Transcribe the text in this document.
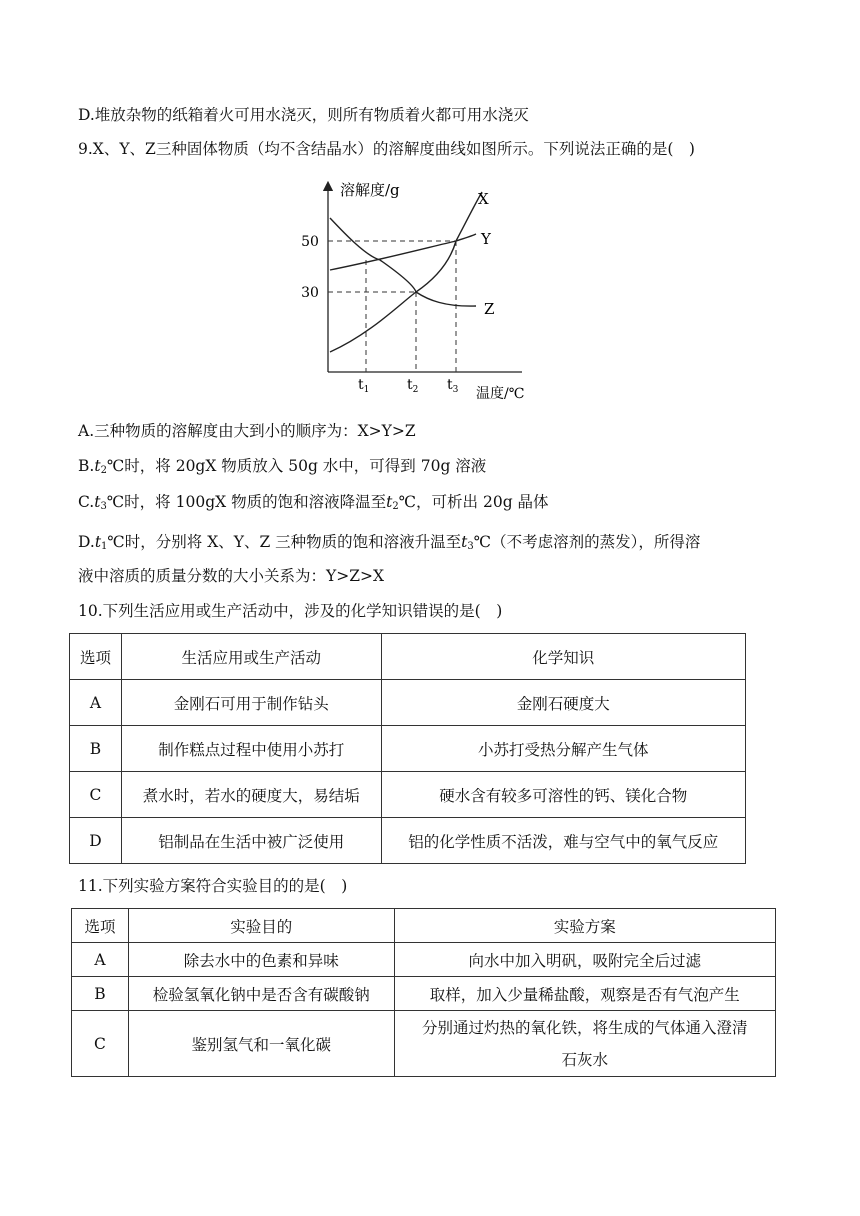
D.堆放杂物的纸箱着火可用水浇灭，则所有物质着火都可用水浇灭
9.X、Y、Z三种固体物质（均不含结晶水）的溶解度曲线如图所示。下列说法正确的是(　)
溶解度/g
温度/℃
50
30
$t_1$	$t_2$ $t_3$
X
Y
Z
A.三种物质的溶解度由大到小的顺序为：X>Y>Z
$B.t_2℃$时，将 20gX 物质放入 50g 水中，可得到 70g 溶液
$C.t_3℃$时，将 100gX 物质的饱和溶液降温至$t_2℃$，可析出 20g 晶体
$D.t_1℃$时，分别将 X、Y、Z 三种物质的饱和溶液升温至$t_3℃$（不考虑溶剂的蒸发），所得溶
液中溶质的质量分数的大小关系为：Y>Z>X
10.下列生活应用或生产活动中，涉及的化学知识错误的是(　)
选项	生活应用或生产活动	化学知识
A	金刚石可用于制作钻头	金刚石硬度大
B	制作糕点过程中使用小苏打	小苏打受热分解产生气体
C	煮水时，若水的硬度大，易结垢	硬水含有较多可溶性的钙、镁化合物
D	铝制品在生活中被广泛使用	铝的化学性质不活泼，难与空气中的氧气反应
11.下列实验方案符合实验目的的是(　)
选项	实验目的	实验方案
A	除去水中的色素和异味	向水中加入明矾，吸附完全后过滤
B	检验氢氧化钠中是否含有碳酸钠	取样，加入少量稀盐酸，观察是否有气泡产生
C	鉴别氢气和一氧化碳	分别通过灼热的氧化铁，将生成的气体通入澄清
石灰水
